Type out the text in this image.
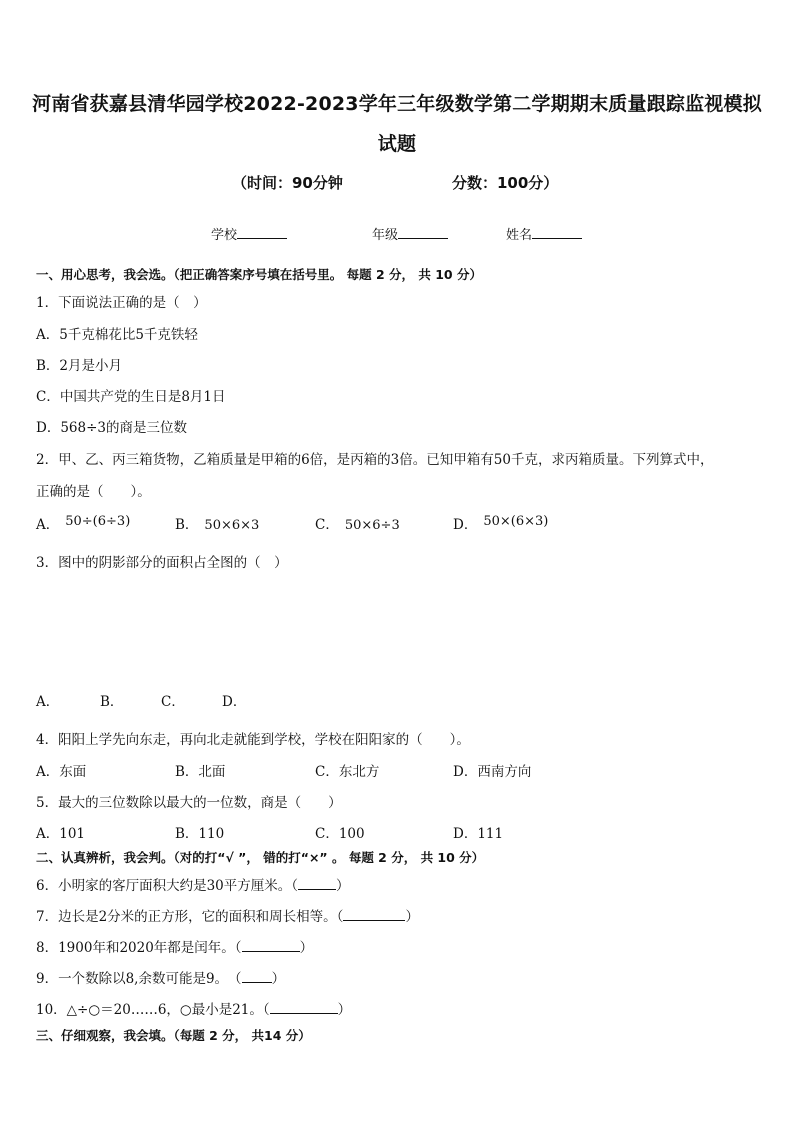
河南省获嘉县清华园学校2022-2023学年三年级数学第二学期期末质量跟踪监视模拟
试题
（时间：90分钟	分数：100分）
学校	年级	姓名
一、用心思考，我会选。（把正确答案序号填在括号里。 每题 2 分， 共 10 分）
1．下面说法正确的是（　）
A．5千克棉花比5千克铁轻
B．2月是小月
C．中国共产党的生日是8月1日
D．568÷3的商是三位数
2．甲、乙、丙三箱货物，乙箱质量是甲箱的6倍，是丙箱的3倍。已知甲箱有50千克，求丙箱质量。下列算式中，
正确的是（　　）。
A． 50÷(6÷3)	B． 50×6×3	C． 50×6÷3	D． 50×(6×3)
3．图中的阴影部分的面积占全图的（　）
A．	B．	C．	D．
4．阳阳上学先向东走，再向北走就能到学校，学校在阳阳家的（　　）。
A．东面	B．北面	C．东北方	D．西南方向
5．最大的三位数除以最大的一位数，商是（　　）
A．101	B．110	C．100	D．111
二、认真辨析，我会判。（对的打“√ ”， 错的打“×” 。 每题 2 分， 共 10 分）
6．小明家的客厅面积大约是30平方厘米。（	）
7．边长是2分米的正方形，它的面积和周长相等。（	）
8．1900年和2020年都是闰年。（	）
9．一个数除以8,余数可能是9。　（ ）
10．△÷○＝20……6，○最小是21。（	）
三、仔细观察，我会填。（每题 2 分， 共14 分）
